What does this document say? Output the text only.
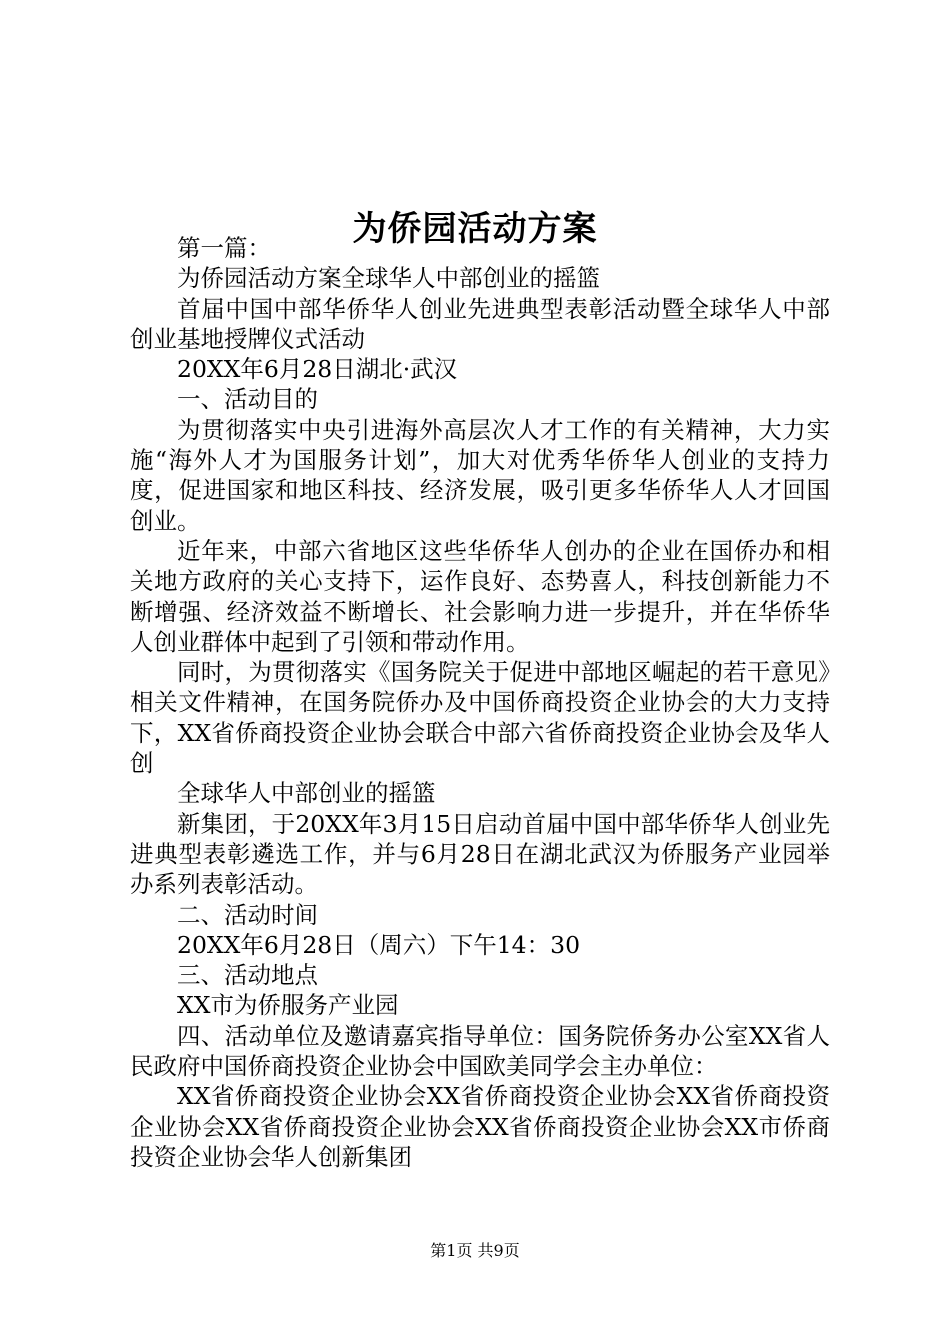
为侨园活动方案

第一篇：

为侨园活动方案全球华人中部创业的摇篮

首届中国中部华侨华人创业先进典型表彰活动暨全球华人中部创业基地授牌仪式活动

20XX年6月28日湖北·武汉

一、活动目的

为贯彻落实中央引进海外高层次人才工作的有关精神，大力实施“海外人才为国服务计划”，加大对优秀华侨华人创业的支持力度，促进国家和地区科技、经济发展，吸引更多华侨华人人才回国创业。

近年来，中部六省地区这些华侨华人创办的企业在国侨办和相关地方政府的关心支持下，运作良好、态势喜人，科技创新能力不断增强、经济效益不断增长、社会影响力进一步提升，并在华侨华人创业群体中起到了引领和带动作用。

同时，为贯彻落实《国务院关于促进中部地区崛起的若干意见》相关文件精神，在国务院侨办及中国侨商投资企业协会的大力支持下，XX省侨商投资企业协会联合中部六省侨商投资企业协会及华人创

全球华人中部创业的摇篮

新集团，于20XX年3月15日启动首届中国中部华侨华人创业先进典型表彰遴选工作，并与6月28日在湖北武汉为侨服务产业园举办系列表彰活动。

二、活动时间

20XX年6月28日（周六）下午14：30

三、活动地点

XX市为侨服务产业园

四、活动单位及邀请嘉宾指导单位：国务院侨务办公室XX省人民政府中国侨商投资企业协会中国欧美同学会主办单位：

XX省侨商投资企业协会XX省侨商投资企业协会XX省侨商投资企业协会XX省侨商投资企业协会XX省侨商投资企业协会XX市侨商投资企业协会华人创新集团

第1页 共9页
